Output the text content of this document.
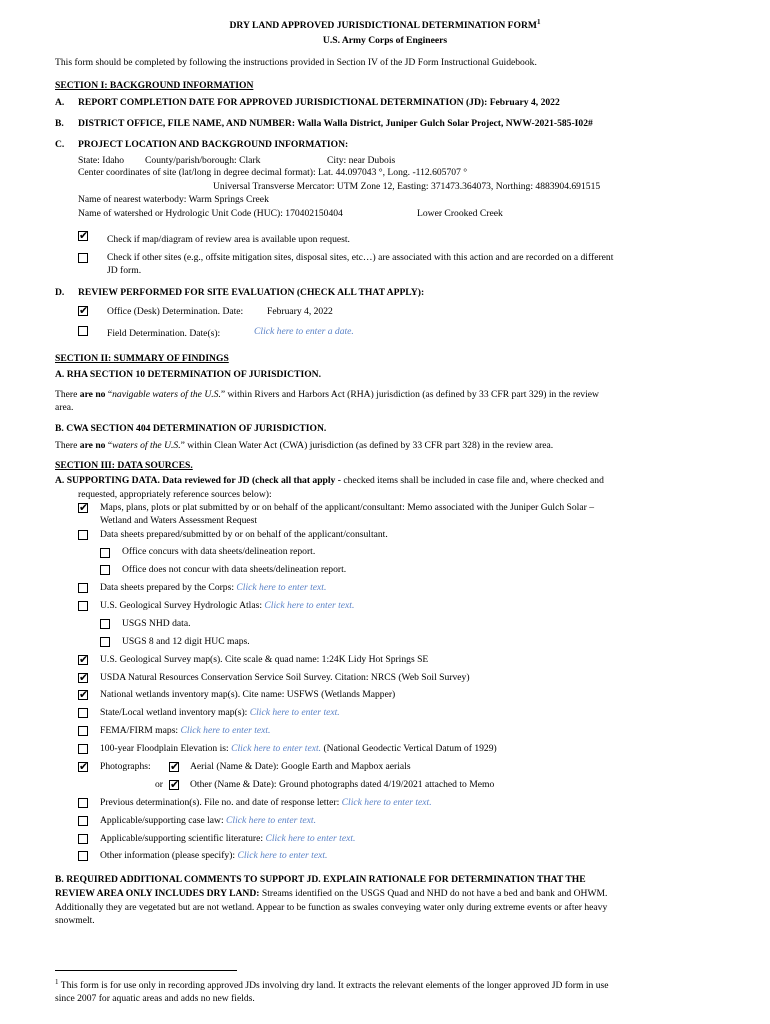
DRY LAND APPROVED JURISDICTIONAL DETERMINATION FORM$^1$
U.S. Army Corps of Engineers
This form should be completed by following the instructions provided in Section IV of the JD Form Instructional Guidebook.
SECTION I: BACKGROUND INFORMATION
A. REPORT COMPLETION DATE FOR APPROVED JURISDICTIONAL DETERMINATION (JD): February 4, 2022
B. DISTRICT OFFICE, FILE NAME, AND NUMBER: Walla Walla District, Juniper Gulch Solar Project, NWW-2021-585-I02#
C. PROJECT LOCATION AND BACKGROUND INFORMATION:
State: Idaho County/parish/borough: Clark	City: near Dubois
Center coordinates of site (lat/long in degree decimal format): Lat. 44.097043 °, Long. -112.605707 °
Universal Transverse Mercator: UTM Zone 12, Easting: 371473.364073, Northing: 4883904.691515
Name of nearest waterbody: Warm Springs Creek
Name of watershed or Hydrologic Unit Code (HUC): 170402150404	Lower Crooked Creek
✔ Check if map/diagram of review area is available upon request.
Check if other sites (e.g., offsite mitigation sites, disposal sites, etc…) are associated with this action and are recorded on a different
JD form.
D. REVIEW PERFORMED FOR SITE EVALUATION (CHECK ALL THAT APPLY):
✔ Office (Desk) Determination. Date: February 4, 2022
Field Determination. Date(s):	Click here to enter a date.
SECTION II: SUMMARY OF FINDINGS
A. RHA SECTION 10 DETERMINATION OF JURISDICTION.
There are no “navigable waters of the U.S.” within Rivers and Harbors Act (RHA) jurisdiction (as defined by 33 CFR part 329) in the review
area.
B. CWA SECTION 404 DETERMINATION OF JURISDICTION.
There are no “waters of the U.S.” within Clean Water Act (CWA) jurisdiction (as defined by 33 CFR part 328) in the review area.
SECTION III: DATA SOURCES.
A. SUPPORTING DATA. Data reviewed for JD (check all that apply - checked items shall be included in case file and, where checked and
requested, appropriately reference sources below):
✔ Maps, plans, plots or plat submitted by or on behalf of the applicant/consultant: Memo associated with the Juniper Gulch Solar –
Wetland and Waters Assessment Request
Data sheets prepared/submitted by or on behalf of the applicant/consultant.
Office concurs with data sheets/delineation report.
Office does not concur with data sheets/delineation report.
Data sheets prepared by the Corps: Click here to enter text.
U.S. Geological Survey Hydrologic Atlas: Click here to enter text.
USGS NHD data.
USGS 8 and 12 digit HUC maps.
✔ U.S. Geological Survey map(s). Cite scale & quad name: 1:24K Lidy Hot Springs SE
✔ USDA Natural Resources Conservation Service Soil Survey. Citation: NRCS (Web Soil Survey)
✔ National wetlands inventory map(s). Cite name: USFWS (Wetlands Mapper)
State/Local wetland inventory map(s): Click here to enter text.
FEMA/FIRM maps: Click here to enter text.
100-year Floodplain Elevation is: Click here to enter text. (National Geodectic Vertical Datum of 1929)
✔ Photographs: ✔ Aerial (Name & Date): Google Earth and Mapbox aerials
or ✔ Other (Name & Date): Ground photographs dated 4/19/2021 attached to Memo
Previous determination(s). File no. and date of response letter: Click here to enter text.
Applicable/supporting case law: Click here to enter text.
Applicable/supporting scientific literature: Click here to enter text.
Other information (please specify): Click here to enter text.
B. REQUIRED ADDITIONAL COMMENTS TO SUPPORT JD. EXPLAIN RATIONALE FOR DETERMINATION THAT THE
REVIEW AREA ONLY INCLUDES DRY LAND: Streams identified on the USGS Quad and NHD do not have a bed and bank and OHWM.
Additionally they are vegetated but are not wetland. Appear to be function as swales conveying water only during extreme events or after heavy
snowmelt.
$^1$ This form is for use only in recording approved JDs involving dry land. It extracts the relevant elements of the longer approved JD form in use
since 2007 for aquatic areas and adds no new fields.
